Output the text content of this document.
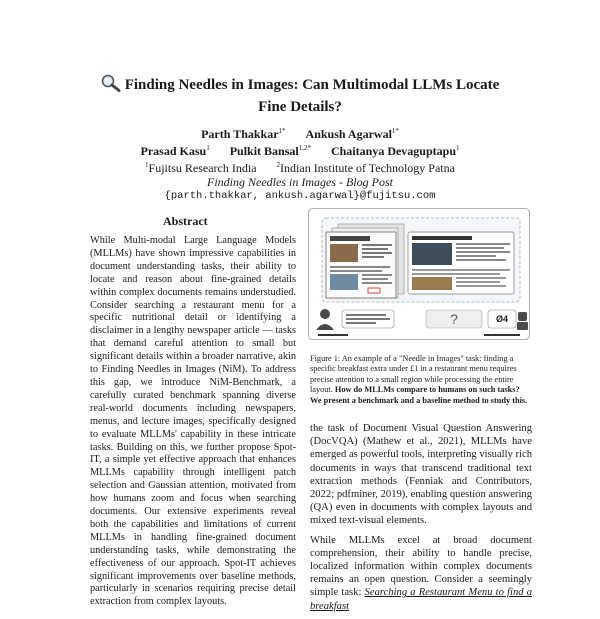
Finding Needles in Images: Can Multimodal LLMs Locate Fine Details?
Parth Thakkar$^{1*}$ Ankush Agarwal$^{1*}$
Prasad Kasu$^1$ Pulkit Bansal$^{1,2*}$ Chaitanya Devaguptapu$^1$
$^1$Fujitsu Research India	$^2$Indian Institute of Technology Patna
Finding Needles in Images - Blog Post
{parth.thakkar, ankush.agarwal}@fujitsu.com
Abstract
While Multi-modal Large Language Models (MLLMs) have shown impressive capabilities in document understanding tasks, their ability to locate and reason about fine-grained details within complex documents remains understudied. Consider searching a restaurant menu for a specific nutritional detail or identifying a disclaimer in a lengthy newspaper article — tasks that demand careful attention to small but significant details within a broader narrative, akin to Finding Needles in Images (NiM). To address this gap, we introduce NiM-Benchmark, a carefully curated benchmark spanning diverse real-world documents including newspapers, menus, and lecture images, specifically designed to evaluate MLLMs' capability in these intricate tasks. Building on this, we further propose Spot-IT, a simple yet effective approach that enhances MLLMs capability through intelligent patch selection and Gaussian attention, motivated from how humans zoom and focus when searching documents. Our extensive experiments reveal both the capabilities and limitations of current MLLMs in handling fine-grained document understanding tasks, while demonstrating the effectiveness of our approach. Spot-IT achieves significant improvements over baseline methods, particularly in scenarios requiring precise detail extraction from complex layouts.
?	Ø4
Figure 1: An example of a "Needle in Images" task: finding a specific breakfast extra under £1 in a restaurant menu requires precise attention to a small region while processing the entire layout. How do MLLMs compare to humans on such tasks? We present a benchmark and a baseline method to study this.

the task of Document Visual Question Answering (DocVQA) (Mathew et al., 2021), MLLMs have emerged as powerful tools, interpreting visually rich documents in ways that transcend traditional text extraction methods (Fenniak and Contributors, 2022; pdfminer, 2019), enabling question answering (QA) even in documents with complex layouts and mixed text-visual elements.

While MLLMs excel at broad document comprehension, their ability to handle precise, localized information within complex documents remains an open question. Consider a seemingly simple task: Searching a Restaurant Menu to find a breakfast
